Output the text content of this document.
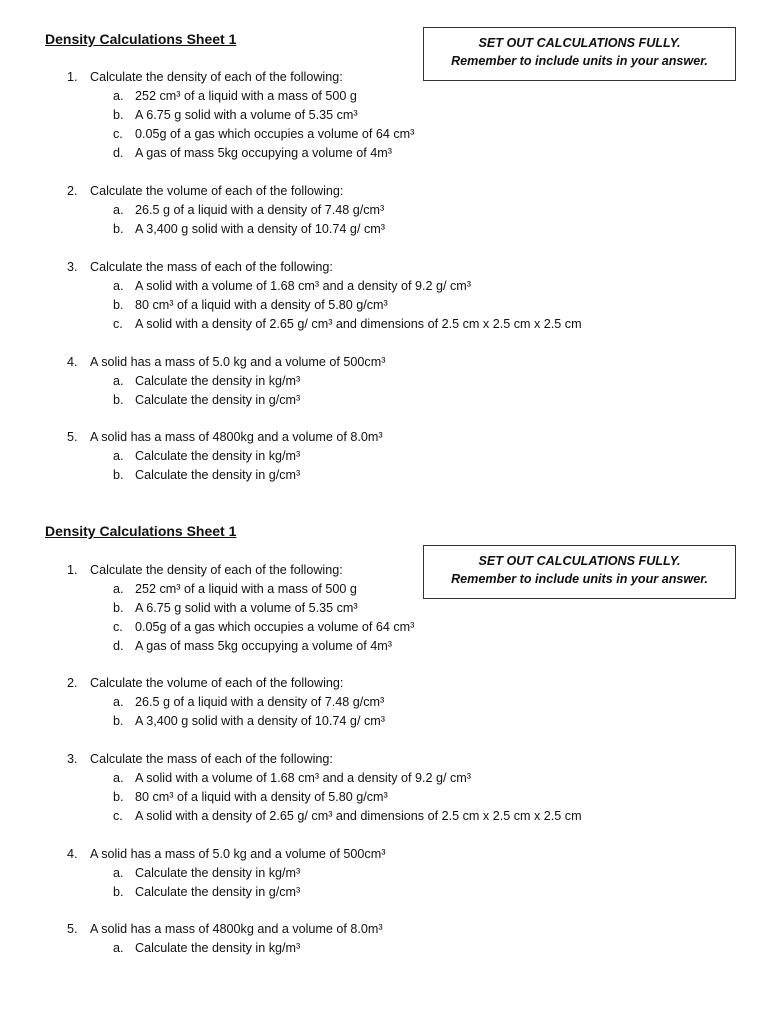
Density Calculations Sheet 1	SET OUT CALCULATIONS FULLY.
Remember to include units in your answer.
1. Calculate the density of each of the following:
a. 252 cm³ of a liquid with a mass of 500 g
b. A 6.75 g solid with a volume of 5.35 cm³
c. 0.05g of a gas which occupies a volume of 64 cm³
d. A gas of mass 5kg occupying a volume of 4m³
2. Calculate the volume of each of the following:
a. 26.5 g of a liquid with a density of 7.48 g/cm³
b. A 3,400 g solid with a density of 10.74 g/ cm³
3. Calculate the mass of each of the following:
a. A solid with a volume of 1.68 cm³ and a density of 9.2 g/ cm³
b. 80 cm³ of a liquid with a density of 5.80 g/cm³
c. A solid with a density of 2.65 g/ cm³ and dimensions of 2.5 cm x 2.5 cm x 2.5 cm
4. A solid has a mass of 5.0 kg and a volume of 500cm³
a. Calculate the density in kg/m³
b. Calculate the density in g/cm³
5. A solid has a mass of 4800kg and a volume of 8.0m³
a. Calculate the density in kg/m³
b. Calculate the density in g/cm³
Density Calculations Sheet 1
SET OUT CALCULATIONS FULLY.
Remember to include units in your answer.
1. Calculate the density of each of the following:
a. 252 cm³ of a liquid with a mass of 500 g
b. A 6.75 g solid with a volume of 5.35 cm³
c. 0.05g of a gas which occupies a volume of 64 cm³
d. A gas of mass 5kg occupying a volume of 4m³
2. Calculate the volume of each of the following:
a. 26.5 g of a liquid with a density of 7.48 g/cm³
b. A 3,400 g solid with a density of 10.74 g/ cm³
3. Calculate the mass of each of the following:
a. A solid with a volume of 1.68 cm³ and a density of 9.2 g/ cm³
b. 80 cm³ of a liquid with a density of 5.80 g/cm³
c. A solid with a density of 2.65 g/ cm³ and dimensions of 2.5 cm x 2.5 cm x 2.5 cm
4. A solid has a mass of 5.0 kg and a volume of 500cm³
a. Calculate the density in kg/m³
b. Calculate the density in g/cm³
5. A solid has a mass of 4800kg and a volume of 8.0m³
a. Calculate the density in kg/m³
